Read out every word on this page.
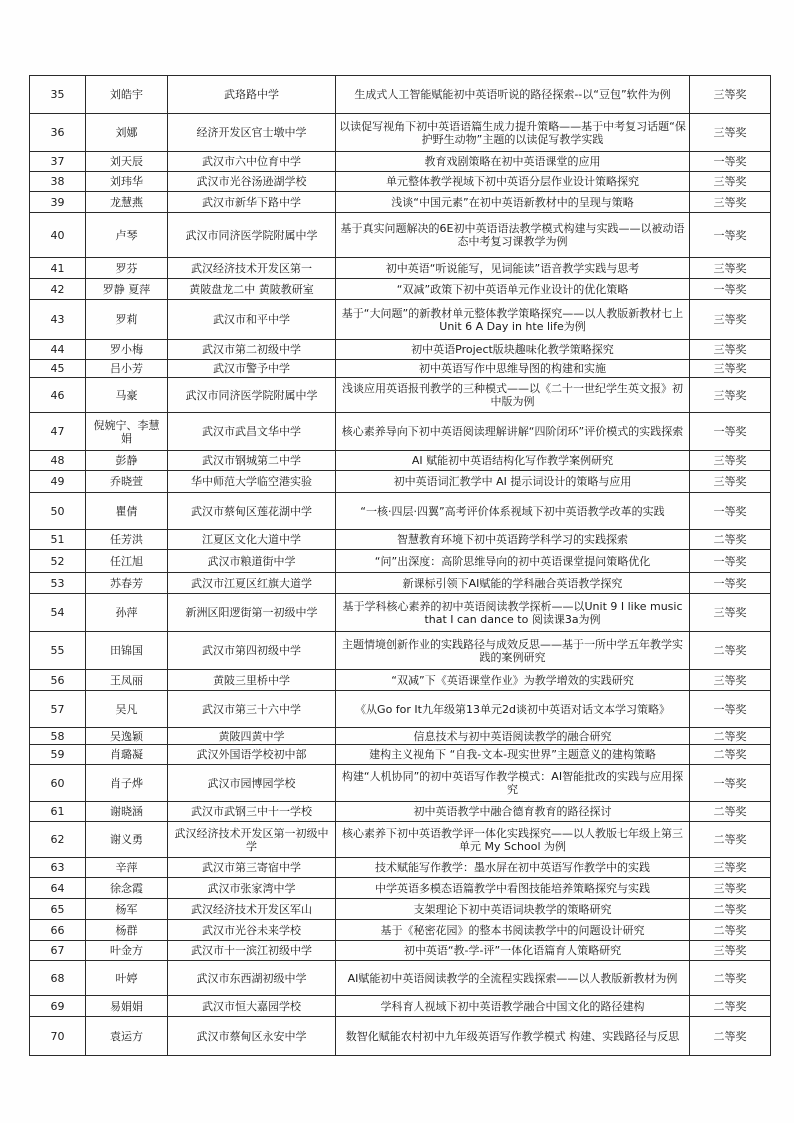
35	刘皓宇	武珞路中学	生成式人工智能赋能初中英语听说的路径探索--以“豆包”软件为例	三等奖
36	刘娜	经济开发区官士墩中学	以读促写视角下初中英语语篇生成力提升策略——基于中考复习话题“保护野生动物”主题的以读促写教学实践	三等奖
37	刘天辰	武汉市六中位育中学	教育戏剧策略在初中英语课堂的应用	一等奖
38	刘玮华	武汉市光谷汤逊湖学校	单元整体教学视域下初中英语分层作业设计策略探究	三等奖
39	龙慧燕	武汉市新华下路中学	浅谈“中国元素”在初中英语新教材中的呈现与策略	三等奖
40	卢琴	武汉市同济医学院附属中学	基于真实问题解决的6E初中英语语法教学模式构建与实践——以被动语态中考复习课教学为例	一等奖
41	罗芬	武汉经济技术开发区第一	初中英语“听说能写，见词能读”语音教学实践与思考	三等奖
42	罗静 夏萍	黄陂盘龙二中 黄陂教研室	“双减”政策下初中英语单元作业设计的优化策略	一等奖
43	罗莉	武汉市和平中学	基于“大问题”的新教材单元整体教学策略探究——以人教版新教材七上Unit 6 A Day in hte life为例	三等奖
44	罗小梅	武汉市第二初级中学	初中英语Project版块趣味化教学策略探究	三等奖
45	吕小芳	武汉市警予中学	初中英语写作中思维导图的构建和实施	三等奖
46	马豪	武汉市同济医学院附属中学	浅谈应用英语报刊教学的三种模式——以《二十一世纪学生英文报》初中版为例	三等奖
47	倪婉宁、李慧娟	武汉市武昌文华中学	核心素养导向下初中英语阅读理解讲解“四阶闭环”评价模式的实践探索	一等奖
48	彭静	武汉市钢城第二中学	AI 赋能初中英语结构化写作教学案例研究	三等奖
49	乔晓萱	华中师范大学临空港实验	初中英语词汇教学中 AI 提示词设计的策略与应用	三等奖
50	瞿倩	武汉市蔡甸区莲花湖中学	“一核·四层·四翼”高考评价体系视域下初中英语教学改革的实践	一等奖
51	任芳洪	江夏区文化大道中学	智慧教育环境下初中英语跨学科学习的实践探索	二等奖
52	任江旭	武汉市粮道街中学	“问”出深度：高阶思维导向的初中英语课堂提问策略优化	一等奖
53	苏春芳	武汉市江夏区红旗大道学	新课标引领下AI赋能的学科融合英语教学探究	一等奖
54	孙萍	新洲区阳逻街第一初级中学	基于学科核心素养的初中英语阅读教学探析——以Unit 9 I like music that I can dance to 阅读课3a为例	三等奖
55	田锦国	武汉市第四初级中学	主题情境创新作业的实践路径与成效反思——基于一所中学五年教学实践的案例研究	二等奖
56	王凤丽	黄陂三里桥中学	“双减”下《英语课堂作业》为教学增效的实践研究	三等奖
57	吴凡	武汉市第三十六中学	《从Go for It九年级第13单元2d谈初中英语对话文本学习策略》	一等奖
58	吴逸颖	黄陂四黄中学	信息技术与初中英语阅读教学的融合研究	二等奖
59	肖璐凝	武汉外国语学校初中部	建构主义视角下 “自我-文本-现实世界”主题意义的建构策略	二等奖
60	肖子烨	武汉市园博园学校	构建“人机协同”的初中英语写作教学模式：AI智能批改的实践与应用探究	一等奖
61	谢晓涵	武汉市武钢三中十一学校	初中英语教学中融合德育教育的路径探讨	二等奖
62	谢义勇	武汉经济技术开发区第一初级中学	核心素养下初中英语教学评一体化实践探究——以人教版七年级上第三单元 My School 为例	二等奖
63	辛萍	武汉市第三寄宿中学	技术赋能写作教学：墨水屏在初中英语写作教学中的实践	三等奖
64	徐念霞	武汉市张家湾中学	中学英语多模态语篇教学中看图技能培养策略探究与实践	三等奖
65	杨军	武汉经济技术开发区军山	支架理论下初中英语词块教学的策略研究	二等奖
66	杨群	武汉市光谷未来学校	基于《秘密花园》的整本书阅读教学中的问题设计研究	二等奖
67	叶金方	武汉市十一滨江初级中学	初中英语“教-学-评”一体化语篇育人策略研究	三等奖
68	叶婷	武汉市东西湖初级中学	AI赋能初中英语阅读教学的全流程实践探索——以人教版新教材为例	二等奖
69	易娟娟	武汉市恒大嘉园学校	学科育人视域下初中英语教学融合中国文化的路径建构	二等奖
70	袁运方	武汉市蔡甸区永安中学	数智化赋能农村初中九年级英语写作教学模式 构建、实践路径与反思	二等奖
